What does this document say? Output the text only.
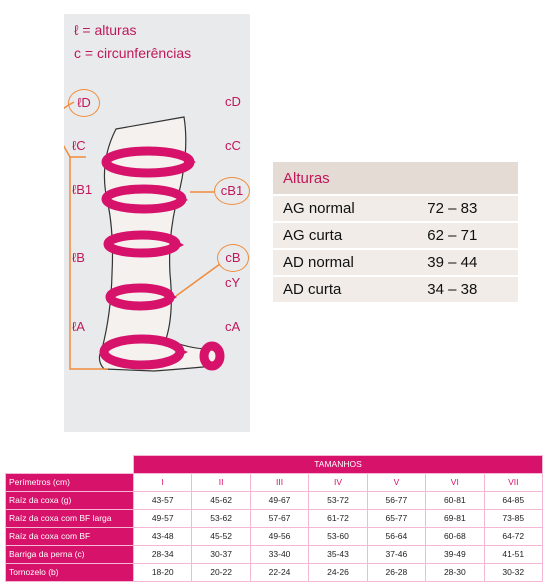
ℓ = alturas
c = circunferências
ℓD	cD
ℓC	cC
ℓB1	cB1
ℓB	cB
cY
ℓA	cA
Alturas	
AG normal	72 – 83
AG curta	62 – 71
AD normal	39 – 44
AD curta	34 – 38
	TAMANHOS						
Perímetros (cm)	I	II	III	IV	V	VI	VII
Raíz da coxa (g)	43-57	45-62	49-67	53-72	56-77	60-81	64-85
Raíz da coxa com BF larga	49-57	53-62	57-67	61-72	65-77	69-81	73-85
Raíz da coxa com BF	43-48	45-52	49-56	53-60	56-64	60-68	64-72
Barriga da perna (c)	28-34	30-37	33-40	35-43	37-46	39-49	41-51
Tornozelo (b)	18-20	20-22	22-24	24-26	26-28	28-30	30-32
